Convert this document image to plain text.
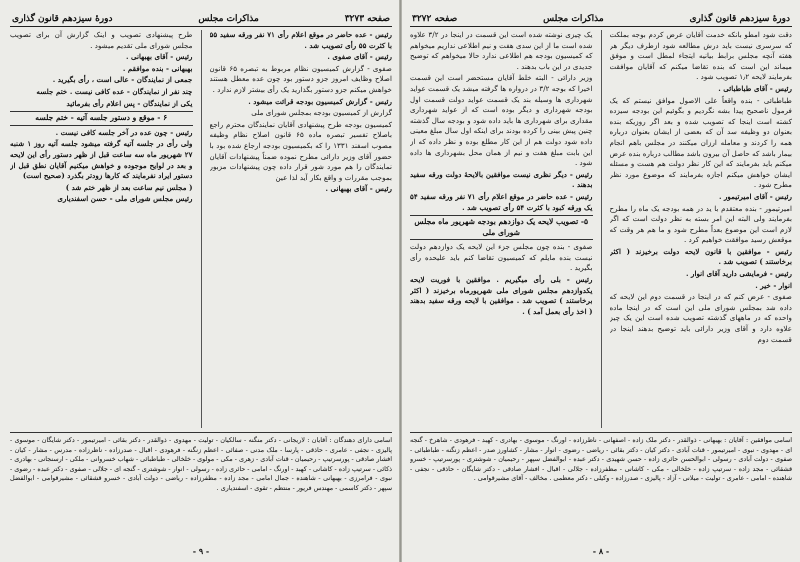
صفحه ۳۲۷۳
مذاکرات مجلس
دورهٔ سیزدهم قانون گذاری

رئیس - عده حاضر در موقع اعلام رأی ۷۱ نفر ورقه سفید ۵۵ با کثرت ۵۵ رأی تصویب شد .

رئیس - آقای صفوی .

صفوی - گزارش کمیسیون نظام مربوط به تبصره ۶۵ قانون اصلاح وظایف امروز جزو دستور بود چون عده معطل هستند خواهش میکنم جزو دستور بگذارید یک رأی بیشتر لازم ندارد .

رئیس - گزارش کمیسیون بودجه قرائت میشود .

گزارش از کمیسیون بودجه بمجلس شورای ملی

کمیسیون بودجه طرح پیشنهادی آقایان نمایندگان محترم راجع باصلاح تفسیر تبصره ماده ۶۵ قانون اصلاح نظام وظیفه مصوب اسفند ۱۳۳۱ را که بکمیسیون بودجه ارجاع شده بود با حضور آقای وزیر دارائی مطرح نموده ضمناً پیشنهادات آقایان نمایندگان را هم مورد شور قرار داده چون پیشنهادات مزبور بموجب مقررات و واقع بکار آید لذا عین

رئیس - آقای بهبهانی .

طرح پیشنهادی تصویب و اینک گزارش آن برای تصویب مجلس شورای ملی تقدیم میشود .

رئیس - آقای بهبهانی .

بهبهانی - بنده موافقم .

جمعی از نمایندگان - عالی است ، رأی بگیرید .

چند نفر از نمایندگان - عده کافی نیست . ختم جلسه

یکی از نمایندگان - پس اعلام رأی بفرمائید

۶ - موقع و دستور جلسه آتیه - ختم جلسه

رئیس - چون عده در آخر جلسه کافی نیست .

ولی رأی در جلسه آتیه گرفته میشود جلسه آتیه روز ۱ شنبه ۲۷ شهریور ماه سه ساعت قبل از ظهر دستور رأی این لایحه و بعد در لوایح موجوده و خواهش میکنیم آقایان نطق قبل از دستور ایراد نفرمایند که کارها زودتر بگذرد (صحیح است)

( مجلس نیم ساعت بعد از ظهر ختم شد )

رئیس مجلس شورای ملی - حسن اسفندیاری

اسامی دارای دهندگان : آقایان : لاریجانی - دکتر منگنه - سالکیان - تولیت - مهدوی - ذوالقدر - دکتر بقائی - امیرتیمور - دکتر شایگان - موسوی - پالیزی - نجفی - عامری - حاذقی - پارسا - ملک مدنی - صفائی - اعظم زنگنه - فرهودی - اقبال - صدرزاده - ناظرزاده - مدرس - مشار - کیان - افشار صادقی - پورسرتیپ - رحیمیان - قنات آبادی - زهری - مکی - مولوی - خلخالی - طباطبائی - شهاب خسروانی - ملکی - ارسنجانی - بهادری - ذکائی - سرتیپ زاده - کاشانی - کهبد - اورنگ - امامی - حائری زاده - رسولی - انوار - شوشتری - گنجه ای - جلالی - صفوی - دکتر عبده - رضوی - نبوی - فرامرزی - بهبهانی - شاهنده - جمال امامی - مجد زاده - مظفرزاده - ریاضی - دولت آبادی - خسرو قشقائی - مشیرقوامی - ابوالفضل سپهر - دکتر کاسمی - مهندس فریور - منتظم - تقوی - اسفندیاری .

- ۹ -
دورهٔ سیزدهم قانون گذاری
مذاکرات مجلس
صفحه ۳۲۷۲

دقت شود امطو بانکه خدمت آقایان عرض کردم بوجه بملکت که سرسری نیست باید درش مطالعه شود ازطرف دیگر هر هفته آنچه مجلس برابط بیانیه ایتجاء لمطل است و موفق میماند این است که بنده تقاضا میکنم که آقایان موافقت بفرمایند لایحه ۱٫۲ تصویب شود .

رئیس - آقای طباطبائی .

طباطبائی - بنده واقعاً علی الاصول موافق نیستم که یک فرمول ناصحیح پیدا بشه نگردیم و بگوئیم این بودجه سیزده کشته است اینجا که تصویب شده و بعد اگر روزیکه بنده بعنوان دو وظیفه سد آن که بعضی از ایشان بعنوان درباره همه را کردند و معامله ارزان میکنند در مجلس باهم انجام بیمار باشد که حاصل آن بیرون باشد مطالب درباره بنده عرض میکنم باید بفرمایند که این کار نظر دولت هم هست و مسئله ایشان خواهش میکنم اجازه بفرمایند که موضوع مورد نظر مطرح شود .

رئیس - آقای امیرتیمور .

امیرتیمور - بنده معتقدم با ید در همه بودجه یک ماه را مطرح بفرمایند ولی البته این امر بسته به نظر دولت است که اگر لازم است این موضوع بعداً مطرح شود و ما هم هر وقت که موقعش رسید موافقت خواهیم کرد .

رئیس - موافقین با قانون لایحه دولت برخیزند ( اکثر برخاستند ) تصویب شد .

رئیس - فرمایشی دارید آقای انوار .

انوار - خیر .

صفوی - عرض کنم که در اینجا در قسمت دوم این لایحه که داده شد بمجلس شورای ملی این است که در اینجا ماده واحده که در ماههای گذشته تصویب شده است این یک چیز علاوه دارد و آقای وزیر دارائی باید توضیح بدهند اینجا در قسمت دوم

یک چیزی نوشته شده است این قسمت در اینجا در ۳/۲ علاوه شده است ما از این سدی هفت و نیم اطلاعی نداریم میخواهم که کمیسیون بودجه هم اطلاعی ندارد حالا میخواهم که توضیح جدیدی در این باب بدهند .

وزیر دارائی - البته خلط آقایان مستحضر است این قسمت اخیرا که بوجه ۳/۲ در درواره ها گرفته میشد یک قسمت عواید شهرداری ها وسیله بند یک قسمت عواید دولت قسمت اول بودجه شهرداری و دیگر بوده است که از عواید شهرداری مقداری برای شهرداری ها باید داده شود و بودجه سال گذشته چنین پیش بینی را کرده بودند برای اینکه اول سال مبلغ معینی داده شود دولت هم از این کار مطلع بوده و نظر داده که از این بابت مبلغ هفت و نیم از همان محل بشهرداری ها داده شود .

رئیس - دیگر نظری نیست موافقین بالایحهٔ دولت ورقه سفید بدهند .

رئیس - عده حاضر در موقع اعلام رأی ۷۱ نفر ورقه سفید ۵۴ یک ورقه کبود با کثرت ۵۴ رأی تصویب شد .

۵- تصویب لایحه یک دوازدهم بودجه شهریور ماه مجلس شورای ملی

صفوی - بنده چون مجلس جزء این لایحه یک دوازدهم دولت نیست بنده مایلم که کمیسیون تقاضا کنم باید علیحده رأی بگیرید .

رئیس - بلی رأی میگیریم . موافقین با فوریت لایحه یکدوازدهم مجلس شورای ملی شهریورماه برخیزند ( اکثر برخاستند ) تصویب شد . موافقین با لایحه ورقه سفید بدهند ( اخذ رأی بعمل آمد ) .

اسامی موافقین : آقایان : بهبهانی - ذوالقدر - دکتر ملک زاده - اصفهانی - ناظرزاده - اورنگ - موسوی - بهادری - کهبد - فرهودی - شاهرخ - گنجه ای - مهدوی - نبوی - امیرتیمور - قنات آبادی - دکتر کیان - دکتر بقائی - ریاضی - رضوی - انوار - مشار - کشاورز صدر - اعظم زنگنه - طباطبائی - صفوی - دولت آبادی - رسولی - ابوالحسن حائری زاده - حسن شهیدی - دکتر عبده - ابوالفضل سپهر - رحیمیان - شوشتری - پورسرتیپ - خسرو قشقائی - مجد زاده - سرتیپ زاده - خلخالی - مکی - کاشانی - مظفرزاده - جلالی - اقبال - افشار صادقی - دکتر شایگان - حاذقی - نجفی - شاهنده - امامی - عامری - تولیت - میلانی - آزاد - پالیزی - صدرزاده - وکیلی - دکتر معظمی . مخالف - آقای مشیرقوامی .

- ۸ -
